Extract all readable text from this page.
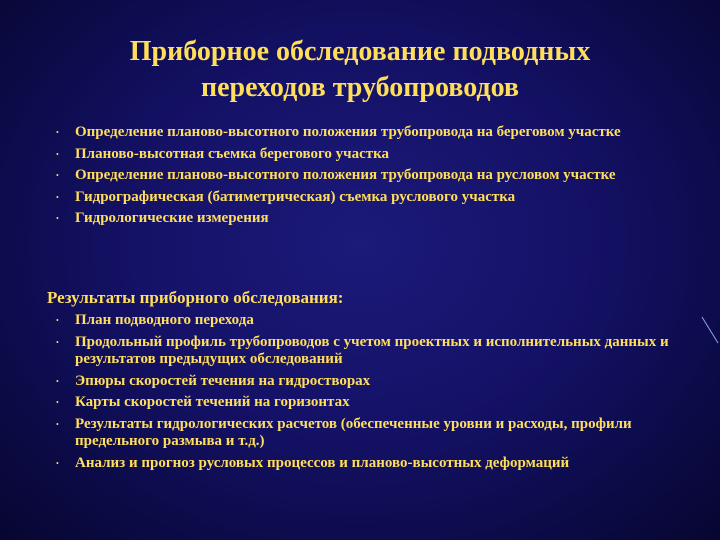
Приборное обследование подводных
переходов трубопроводов
• Определение планово-высотного положения трубопровода на береговом участке
• Планово-высотная съемка берегового участка
• Определение планово-высотного положения трубопровода на русловом участке
• Гидрографическая (батиметрическая) съемка руслового участка
• Гидрологические измерения
Результаты приборного обследования:
• План подводного перехода
• Продольный профиль трубопроводов с учетом проектных и исполнительных данных и результатов предыдущих обследований
• Эпюры скоростей течения на гидростворах
• Карты скоростей течений на горизонтах
• Результаты гидрологических расчетов (обеспеченные уровни и расходы, профили предельного размыва и т.д.)
• Анализ и прогноз русловых процессов и планово-высотных деформаций
